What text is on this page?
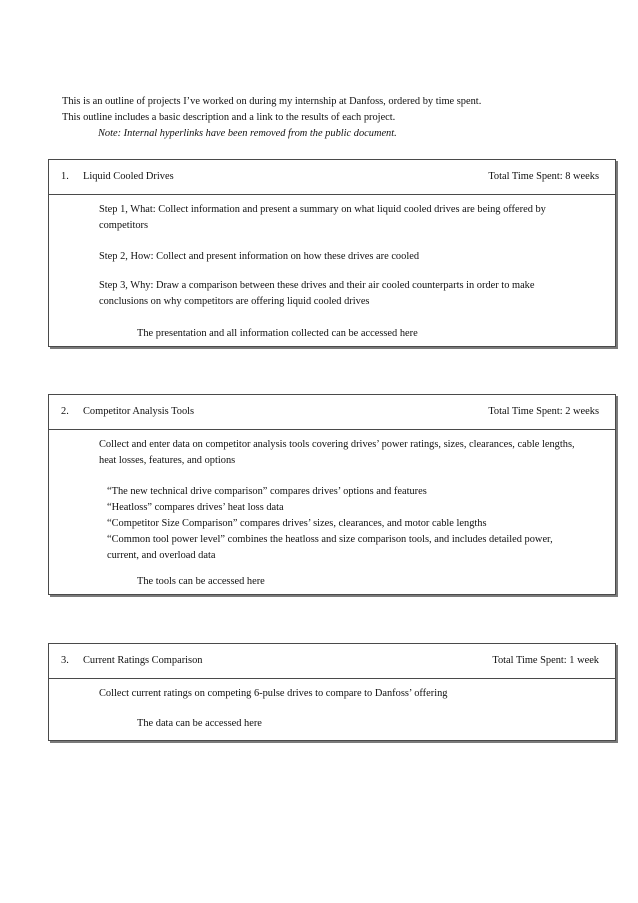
This is an outline of projects I’ve worked on during my internship at Danfoss, ordered by time spent.
This outline includes a basic description and a link to the results of each project.
Note: Internal hyperlinks have been removed from the public document.
1. Liquid Cooled Drives	Total Time Spent: 8 weeks
Step 1, What: Collect information and present a summary on what liquid cooled drives are being offered by competitors
Step 2, How: Collect and present information on how these drives are cooled
Step 3, Why: Draw a comparison between these drives and their air cooled counterparts in order to make conclusions on why competitors are offering liquid cooled drives
The presentation and all information collected can be accessed here
2. Competitor Analysis Tools	Total Time Spent: 2 weeks
Collect and enter data on competitor analysis tools covering drives’ power ratings, sizes, clearances, cable lengths, heat losses, features, and options
“The new technical drive comparison” compares drives’ options and features
“Heatloss” compares drives’ heat loss data
“Competitor Size Comparison” compares drives’ sizes, clearances, and motor cable lengths
“Common tool power level” combines the heatloss and size comparison tools, and includes detailed power, current, and overload data
The tools can be accessed here
3. Current Ratings Comparison	Total Time Spent: 1 week
Collect current ratings on competing 6-pulse drives to compare to Danfoss’ offering
The data can be accessed here
